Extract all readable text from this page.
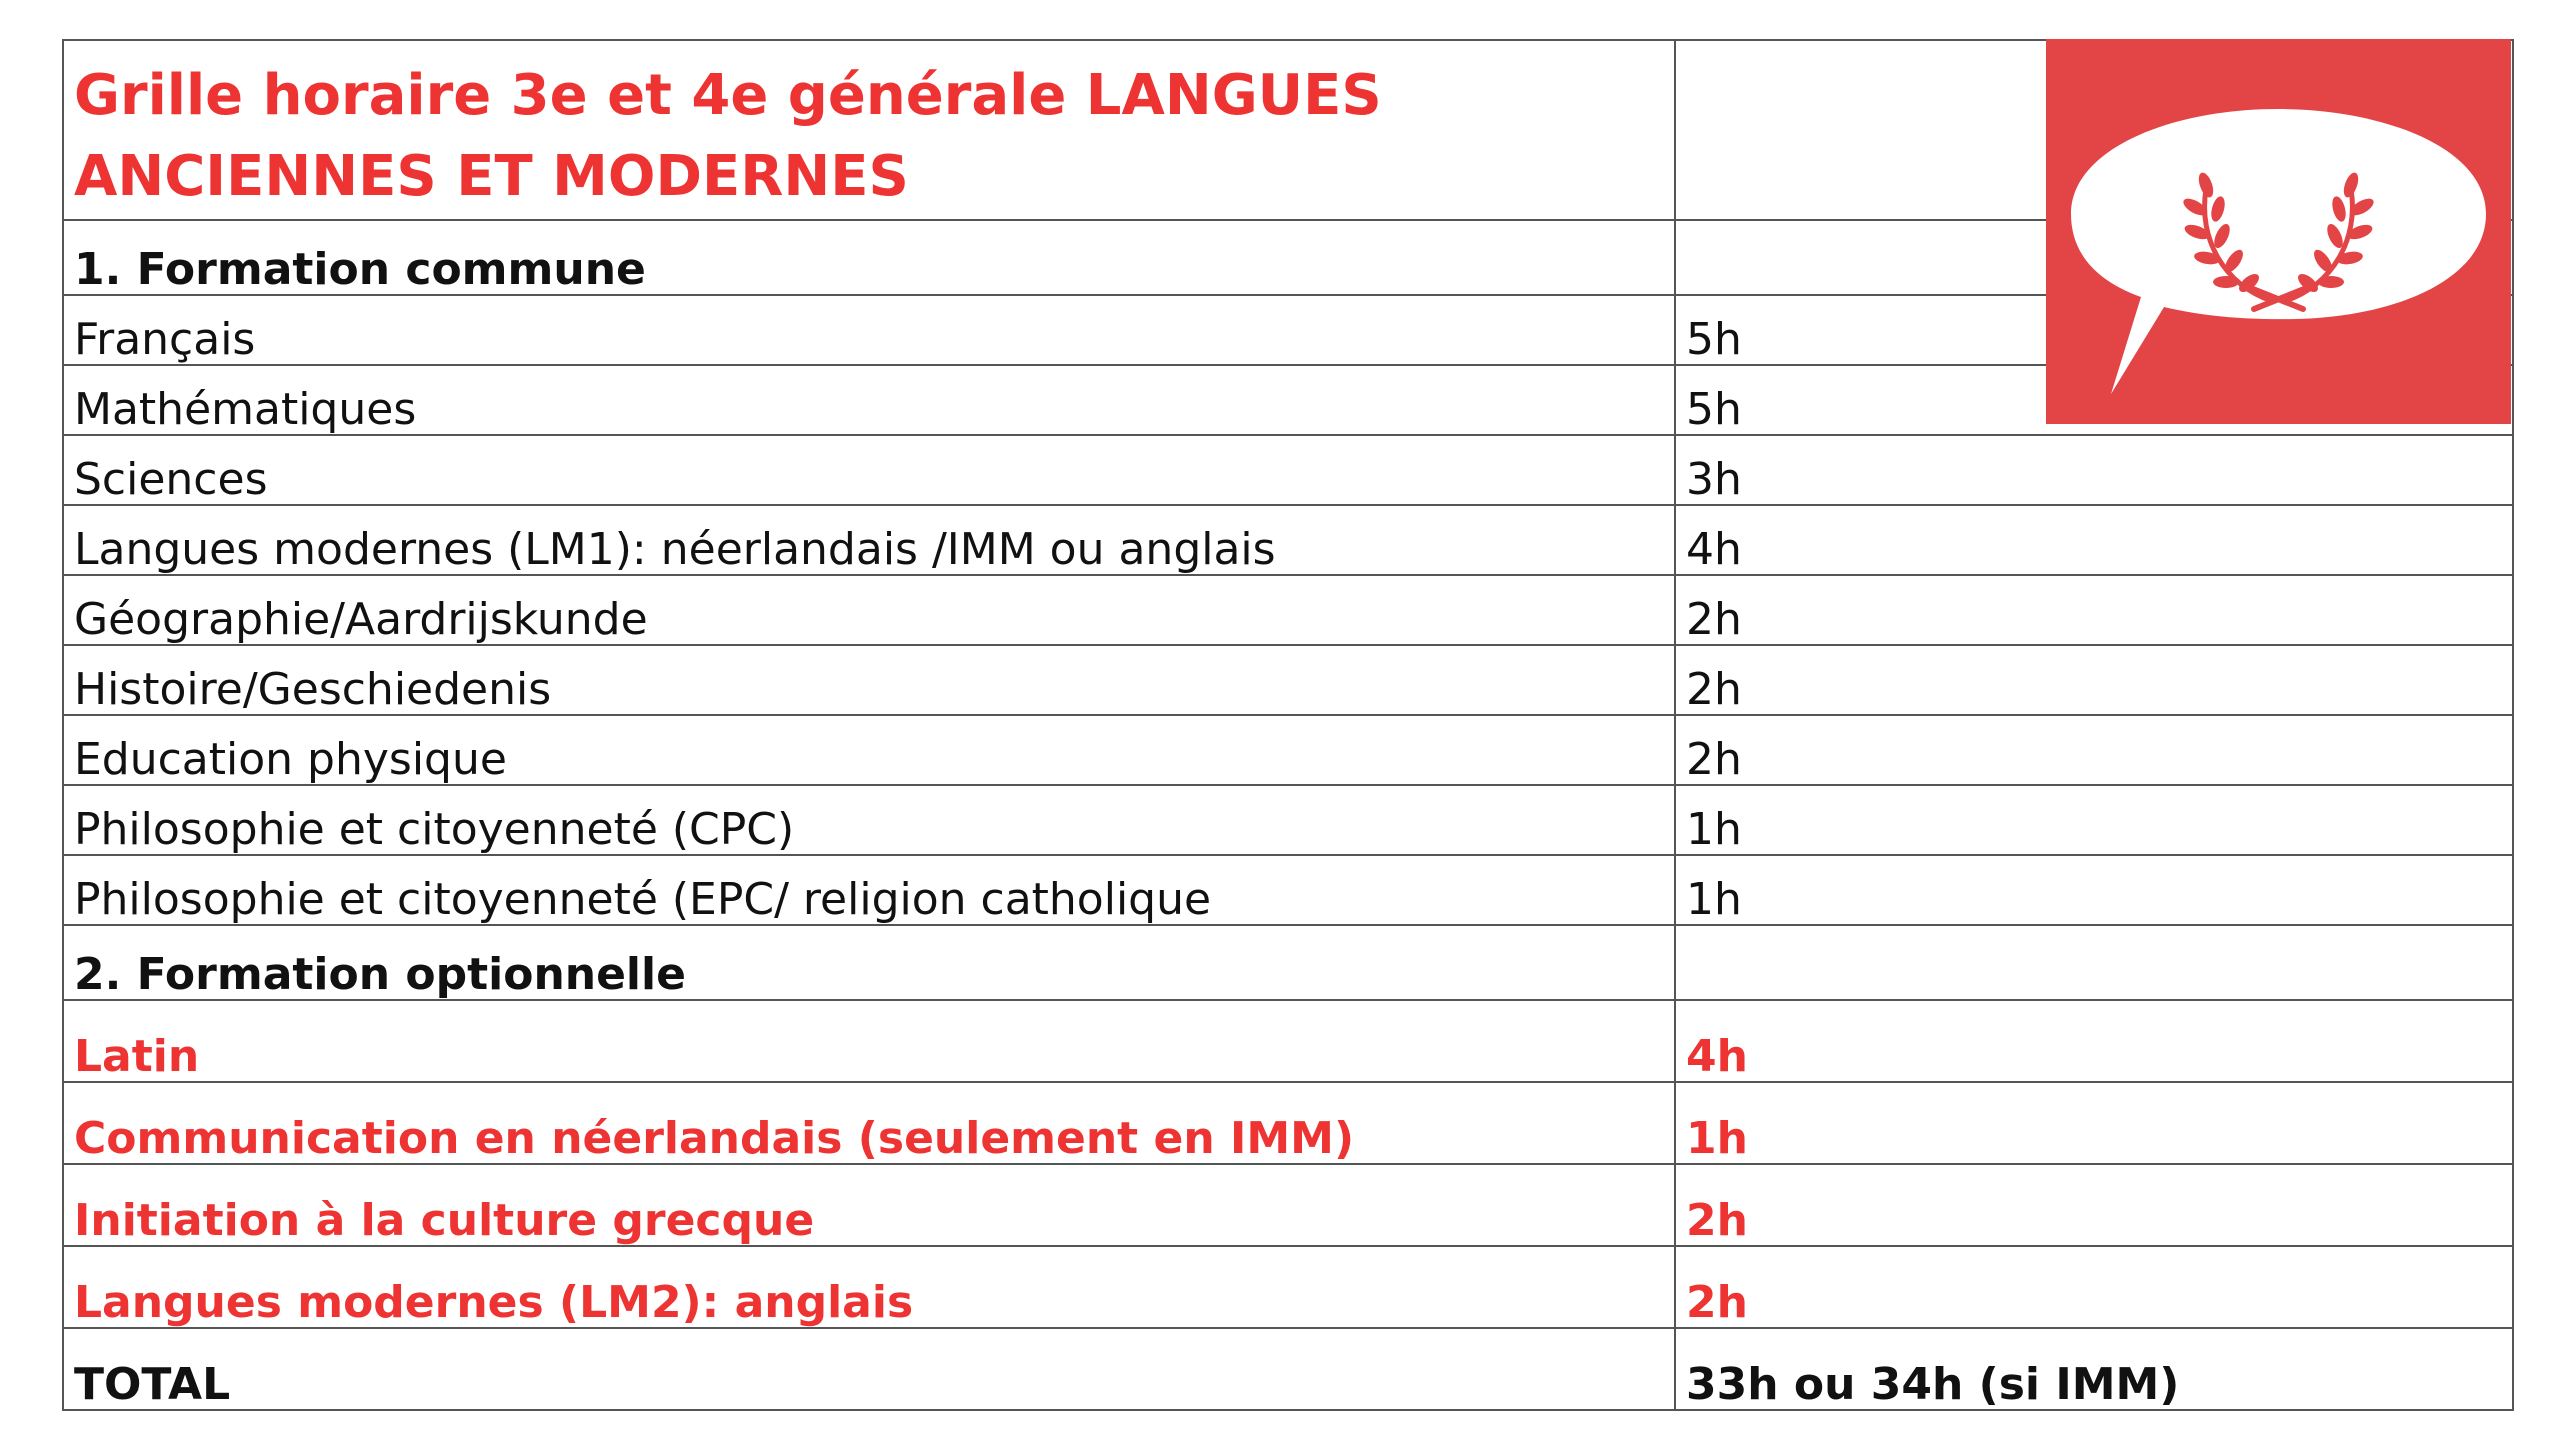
Grille horaire 3e et 4e générale LANGUES ANCIENNES ET MODERNES	
1. Formation commune	
Français	5h
Mathématiques	5h
Sciences	3h
Langues modernes (LM1): néerlandais /IMM ou anglais	4h
Géographie/Aardrijskunde	2h
Histoire/Geschiedenis	2h
Education physique	2h
Philosophie et citoyenneté (CPC)	1h
Philosophie et citoyenneté (EPC/ religion catholique	1h
2. Formation optionnelle	
Latin	4h
Communication en néerlandais (seulement en IMM)	1h
Initiation à la culture grecque	2h
Langues modernes (LM2): anglais	2h
TOTAL	33h ou 34h (si IMM)
